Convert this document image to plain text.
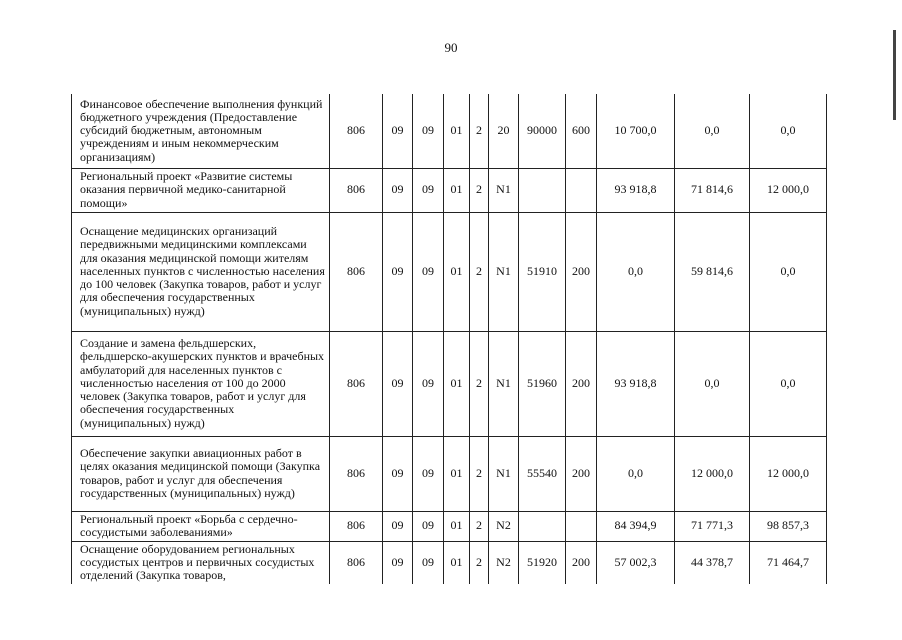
90
Финансовое обеспечение выполнения функций бюджетного учреждения (Предоставление субсидий бюджетным, автономным учреждениям и иным некоммерческим организациям)	806	09	09	01	2	20	90000	600	10 700,0	0,0	0,0
Региональный проект «Развитие системы оказания первичной медико-санитарной помощи»	806	09	09	01	2	N1			93 918,8	71 814,6	12 000,0
Оснащение медицинских организаций передвижными медицинскими комплексами для оказания медицинской помощи жителям населенных пунктов с численностью населения до 100 человек (Закупка товаров, работ и услуг для обеспечения государственных (муниципальных) нужд)	806	09	09	01	2	N1	51910	200	0,0	59 814,6	0,0
Создание и замена фельдшерских, фельдшерско-акушерских пунктов и врачебных амбулаторий для населенных пунктов с численностью населения от 100 до 2000 человек (Закупка товаров, работ и услуг для обеспечения государственных (муниципальных) нужд)	806	09	09	01	2	N1	51960	200	93 918,8	0,0	0,0
Обеспечение закупки авиационных работ в целях оказания медицинской помощи (Закупка товаров, работ и услуг для обеспечения государственных (муниципальных) нужд)	806	09	09	01	2	N1	55540	200	0,0	12 000,0	12 000,0
Региональный проект «Борьба с сердечно-сосудистыми заболеваниями»	806	09	09	01	2	N2			84 394,9	71 771,3	98 857,3
Оснащение оборудованием региональных сосудистых центров и первичных сосудистых отделений (Закупка товаров,	806	09	09	01	2	N2	51920	200	57 002,3	44 378,7	71 464,7
